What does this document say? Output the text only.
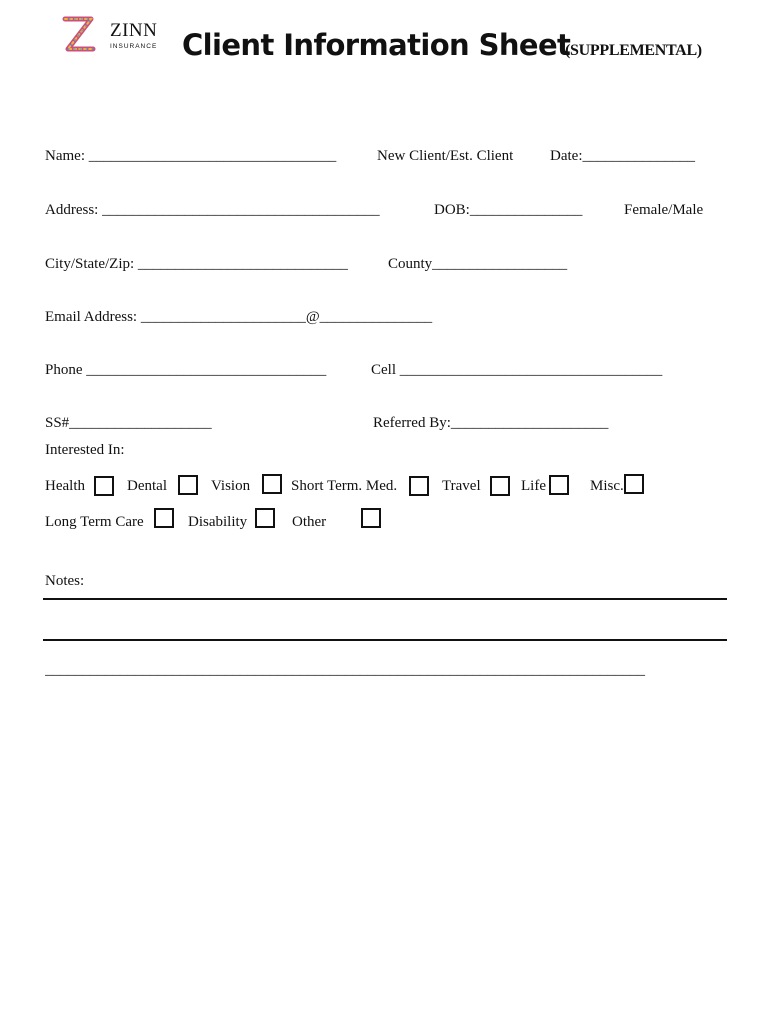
ZINN
INSURANCE Client Information Sheet
(SUPPLEMENTAL)
Name: _________________________________	New Client/Est. Client Date:_______________
Address: _____________________________________	DOB:_______________	Female/Male
City/State/Zip: ____________________________	County__________________
Email Address: ______________________@_______________
Phone ________________________________	Cell ___________________________________
SS#___________________	Referred By:_____________________
Interested In:
Health	Dental	Vision	Short Term. Med.	Travel	Life	Misc.
Long Term Care	Disability	Other
Notes:
________________________________________________________________________________
